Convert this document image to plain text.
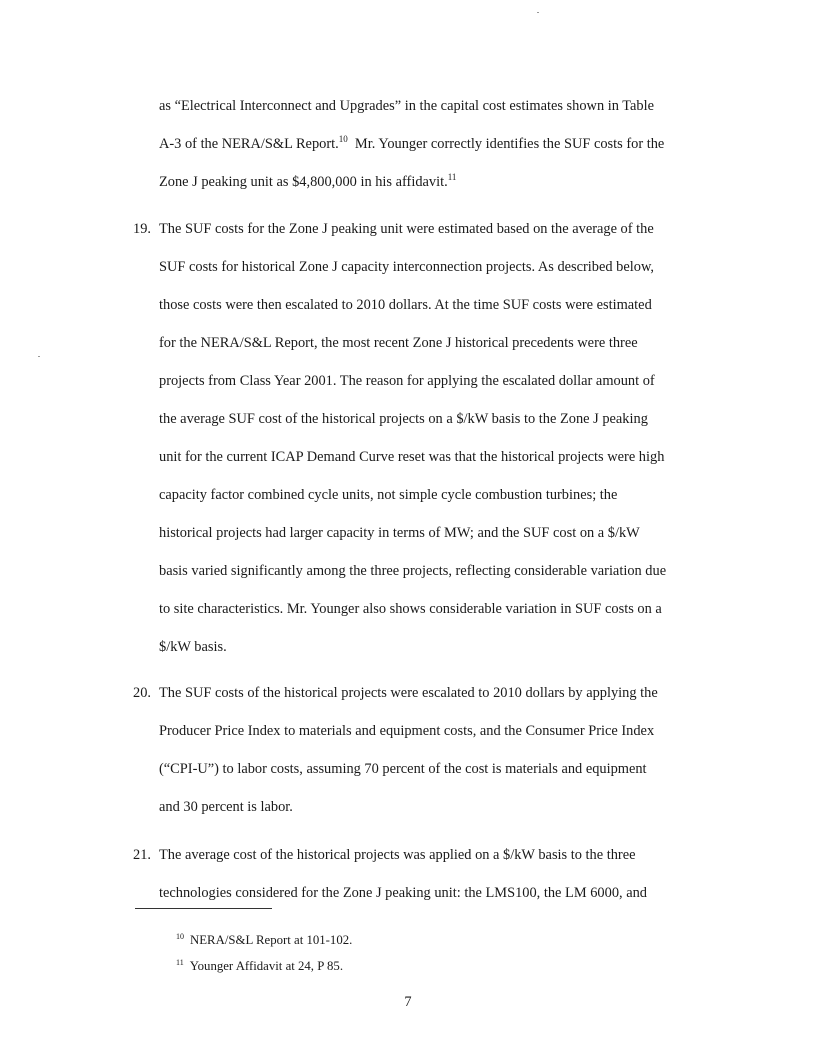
as “Electrical Interconnect and Upgrades” in the capital cost estimates shown in Table
A-3 of the NERA/S&L Report.$^{10}$  Mr. Younger correctly identifies the SUF costs for the
Zone J peaking unit as $4,800,000 in his affidavit.$^{11}$
19. The SUF costs for the Zone J peaking unit were estimated based on the average of the
SUF costs for historical Zone J capacity interconnection projects. As described below,
those costs were then escalated to 2010 dollars. At the time SUF costs were estimated
for the NERA/S&L Report, the most recent Zone J historical precedents were three
projects from Class Year 2001. The reason for applying the escalated dollar amount of
the average SUF cost of the historical projects on a $/kW basis to the Zone J peaking
unit for the current ICAP Demand Curve reset was that the historical projects were high
capacity factor combined cycle units, not simple cycle combustion turbines; the
historical projects had larger capacity in terms of MW; and the SUF cost on a $/kW
basis varied significantly among the three projects, reflecting considerable variation due
to site characteristics. Mr. Younger also shows considerable variation in SUF costs on a
$/kW basis.
20. The SUF costs of the historical projects were escalated to 2010 dollars by applying the
Producer Price Index to materials and equipment costs, and the Consumer Price Index
(“CPI-U”) to labor costs, assuming 70 percent of the cost is materials and equipment
and 30 percent is labor.
21. The average cost of the historical projects was applied on a $/kW basis to the three
technologies considered for the Zone J peaking unit: the LMS100, the LM 6000, and
$^{10}$ NERA/S&L Report at 101-102.
$^{11}$ Younger Affidavit at 24, P 85.
7
